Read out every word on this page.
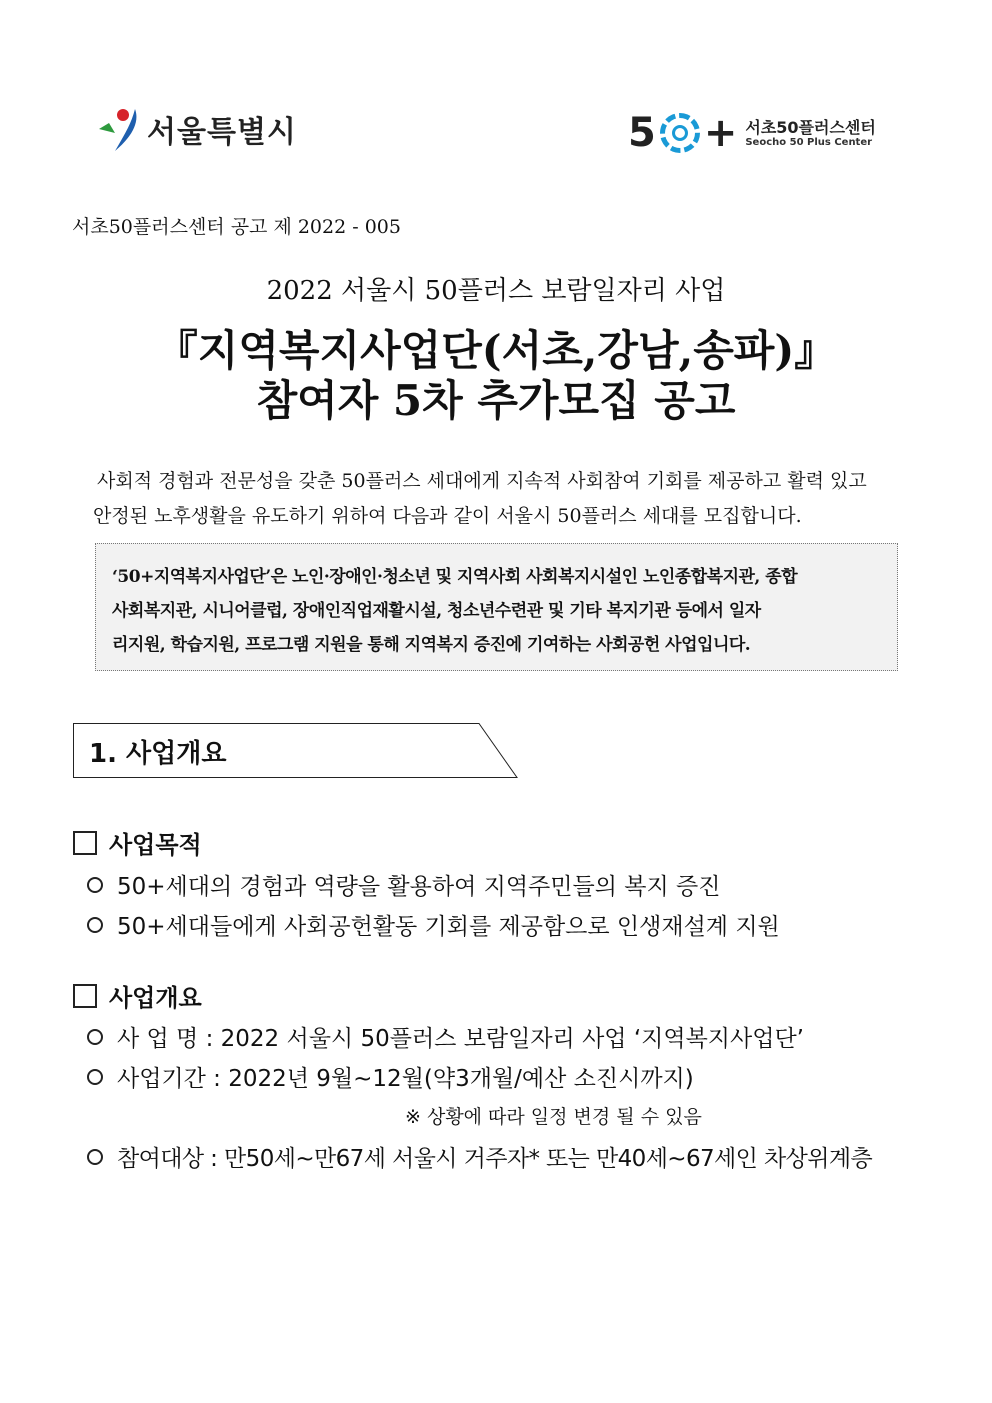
서울특별시	5 + 서초50플러스센터
Seocho 50 Plus Center
서초50플러스센터 공고 제 2022 - 005
2022 서울시 50플러스 보람일자리 사업
『지역복지사업단(서초,강남,송파)』
참여자 5차 추가모집 공고
사회적 경험과 전문성을 갖춘 50플러스 세대에게 지속적 사회참여 기회를 제공하고 활력 있고
안정된 노후생활을 유도하기 위하여 다음과 같이 서울시 50플러스 세대를 모집합니다.
‘50+지역복지사업단’은 노인·장애인·청소년 및 지역사회 사회복지시설인 노인종합복지관, 종합
사회복지관, 시니어클럽, 장애인직업재활시설, 청소년수련관 및 기타 복지기관 등에서 일자
리지원, 학습지원, 프로그램 지원을 통해 지역복지 증진에 기여하는 사회공헌 사업입니다.
1. 사업개요
사업목적
50+세대의 경험과 역량을 활용하여 지역주민들의 복지 증진
50+세대들에게 사회공헌활동 기회를 제공함으로 인생재설계 지원
사업개요
사 업 명 : 2022 서울시 50플러스 보람일자리 사업 ‘지역복지사업단’
사업기간 : 2022년 9월~12월(약3개월/예산 소진시까지)
※ 상황에 따라 일정 변경 될 수 있음
참여대상 : 만50세~만67세 서울시 거주자* 또는 만40세~67세인 차상위계층
